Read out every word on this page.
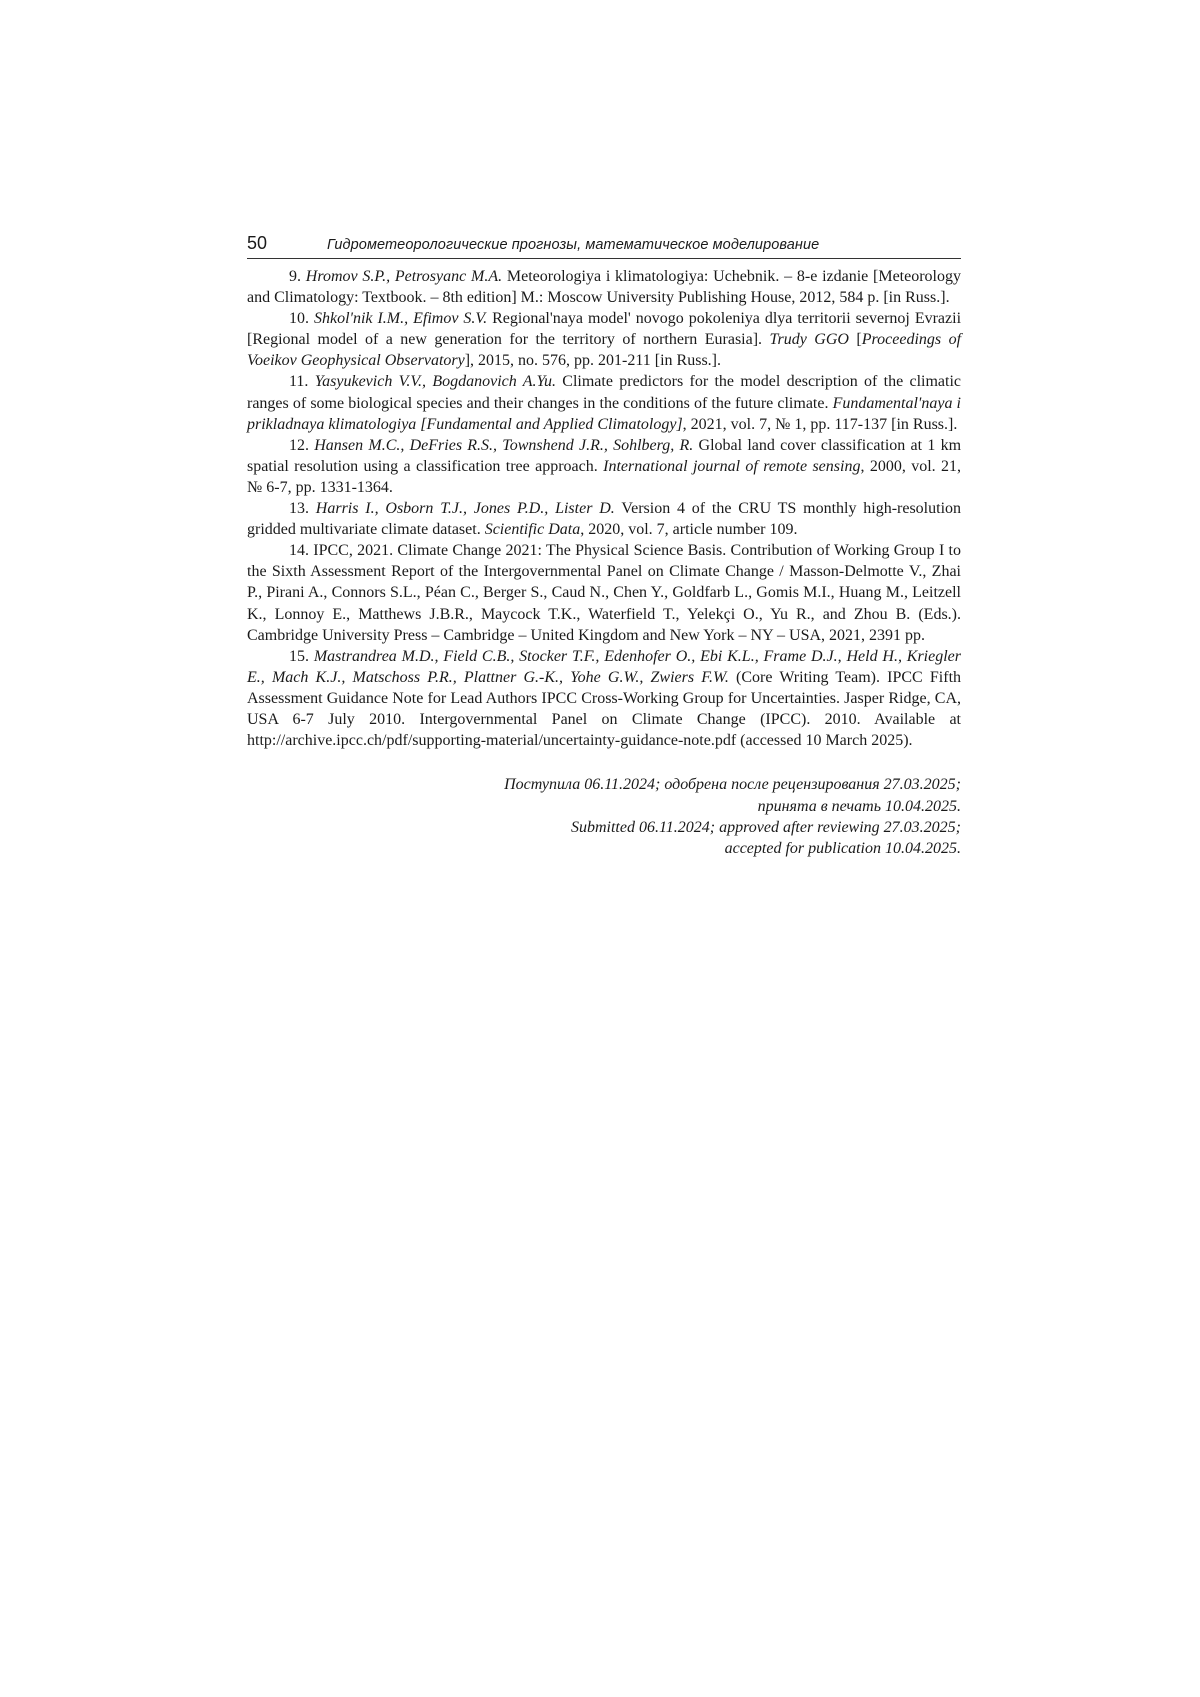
50	Гидрометеорологические прогнозы, математическое моделирование

9. Hromov S.P., Petrosyanc M.A. Meteorologiya i klimatologiya: Uchebnik. – 8-e izdanie [Meteorology and Climatology: Textbook. – 8th edition] M.: Moscow University Publishing House, 2012, 584 p. [in Russ.].

10. Shkol'nik I.M., Efimov S.V. Regional'naya model' novogo pokoleniya dlya territorii severnoj Evrazii [Regional model of a new generation for the territory of northern Eurasia]. Trudy GGO [Proceedings of Voeikov Geophysical Observatory], 2015, no. 576, pp. 201-211 [in Russ.].

11. Yasyukevich V.V., Bogdanovich A.Yu. Climate predictors for the model description of the climatic ranges of some biological species and their changes in the conditions of the future climate. Fundamental'naya i prikladnaya klimatologiya [Fundamental and Applied Climatology], 2021, vol. 7, № 1, pp. 117-137 [in Russ.].

12. Hansen M.C., DeFries R.S., Townshend J.R., Sohlberg, R. Global land cover classification at 1 km spatial resolution using a classification tree approach. International journal of remote sensing, 2000, vol. 21, № 6-7, pp. 1331-1364.

13. Harris I., Osborn T.J., Jones P.D., Lister D. Version 4 of the CRU TS monthly high-resolution gridded multivariate climate dataset. Scientific Data, 2020, vol. 7, article number 109.

14. IPCC, 2021. Climate Change 2021: The Physical Science Basis. Contribution of Working Group I to the Sixth Assessment Report of the Intergovernmental Panel on Climate Change / Masson-Delmotte V., Zhai P., Pirani A., Connors S.L., Péan C., Berger S., Caud N., Chen Y., Goldfarb L., Gomis M.I., Huang M., Leitzell K., Lonnoy E., Matthews J.B.R., Maycock T.K., Waterfield T., Yelekçi O., Yu R., and Zhou B. (Eds.). Cambridge University Press – Cambridge – United Kingdom and New York – NY – USA, 2021, 2391 pp.

15. Mastrandrea M.D., Field C.B., Stocker T.F., Edenhofer O., Ebi K.L., Frame D.J., Held H., Kriegler E., Mach K.J., Matschoss P.R., Plattner G.-K., Yohe G.W., Zwiers F.W. (Core Writing Team). IPCC Fifth Assessment Guidance Note for Lead Authors IPCC Cross-Working Group for Uncertainties. Jasper Ridge, CA, USA 6-7 July 2010. Intergovernmental Panel on Climate Change (IPCC). 2010. Available at http://archive.ipcc.ch/pdf/supporting-material/uncertainty-guidance-note.pdf (accessed 10 March 2025).

Поступила 06.11.2024; одобрена после рецензирования 27.03.2025;
принята в печать 10.04.2025.
Submitted 06.11.2024; approved after reviewing 27.03.2025;
accepted for publication 10.04.2025.
